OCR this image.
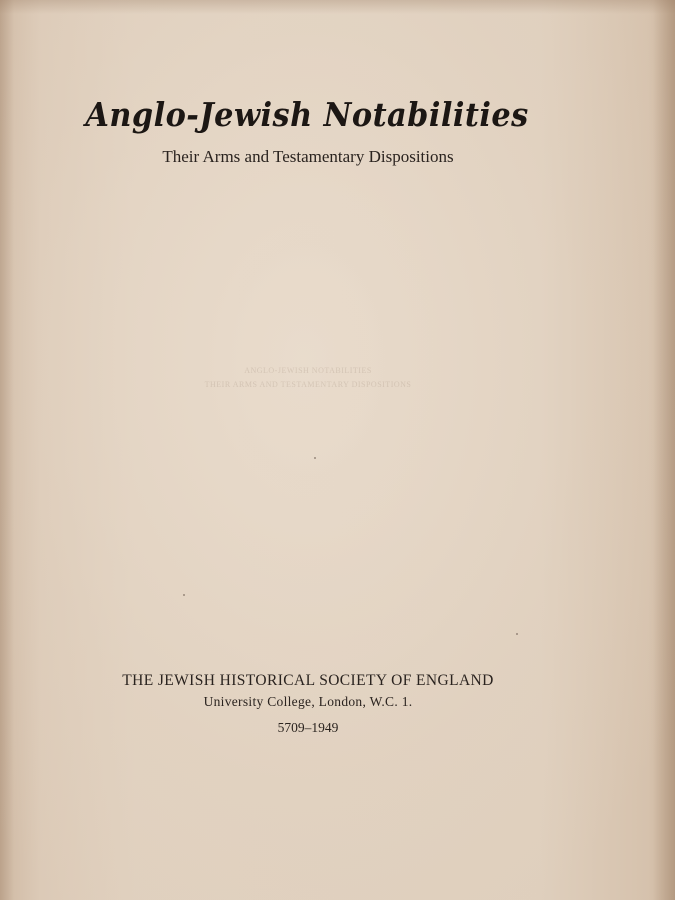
Anglo-Jewish Notabilities
Their Arms and Testamentary Dispositions
ANGLO-JEWISH NOTABILITIES
THEIR ARMS AND TESTAMENTARY DISPOSITIONS
THE JEWISH HISTORICAL SOCIETY OF ENGLAND
University College, London, W.C. 1.
5709–1949
